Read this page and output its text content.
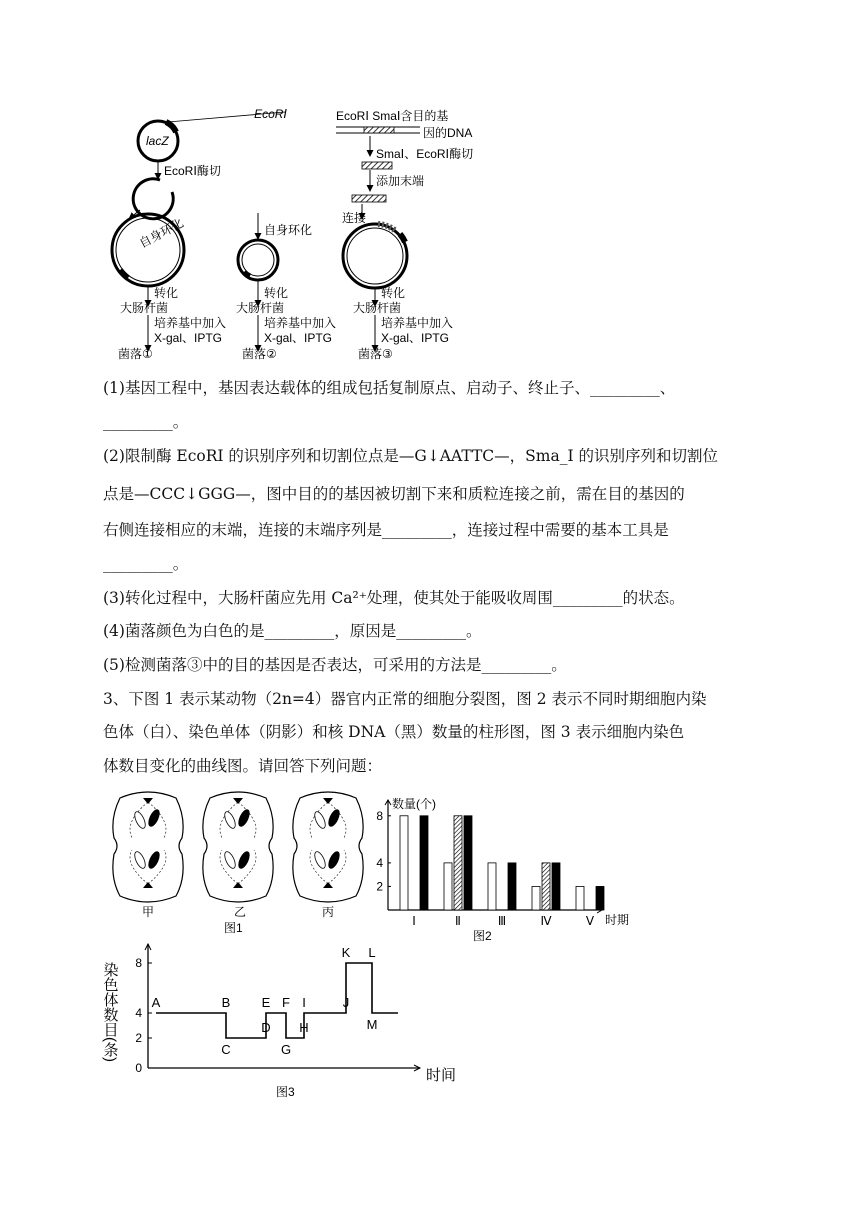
lacZ
EcoRⅠ
EcoRⅠ酶切
自身环化	自身环化
EcoRⅠ SmaⅠ含目的基
因的DNA
SmaⅠ、EcoRⅠ酶切
添加末端
连接
转化
大肠杆菌
培养基中加入
X-gal、IPTG
菌落①
转化
大肠杆菌
培养基中加入
X-gal、IPTG
菌落②
转化
大肠杆菌
培养基中加入
X-gal、IPTG
菌落③
(1)基因工程中，基因表达载体的组成包括复制原点、启动子、终止子、_________、
_________。
(2)限制酶 EcoRI 的识别序列和切割位点是—G↓AATTC—，Sma_I 的识别序列和切割位
点是—CCC↓GGG—，图中目的的基因被切割下来和质粒连接之前，需在目的基因的
右侧连接相应的末端，连接的末端序列是_________，连接过程中需要的基本工具是
_________。
(3)转化过程中，大肠杆菌应先用 Ca²⁺处理，使其处于能吸收周围_________的状态。
(4)菌落颜色为白色的是_________，原因是_________。
(5)检测菌落③中的目的基因是否表达，可采用的方法是_________。
3、下图 1 表示某动物（2n=4）器官内正常的细胞分裂图，图 2 表示不同时期细胞内染
色体（白）、染色单体（阴影）和核 DNA（黑）数量的柱形图，图 3 表示细胞内染色
体数目变化的曲线图。请回答下列问题：
甲	乙	丙
图1
2
4
8
Ⅰ	Ⅱ	Ⅲ	Ⅳ	Ⅴ
数量(个)
时期
图2
0
2
4
8
A	B
C
D
E F
G
H
I	J
K L
M
染色体数目(条)
时间
图3
